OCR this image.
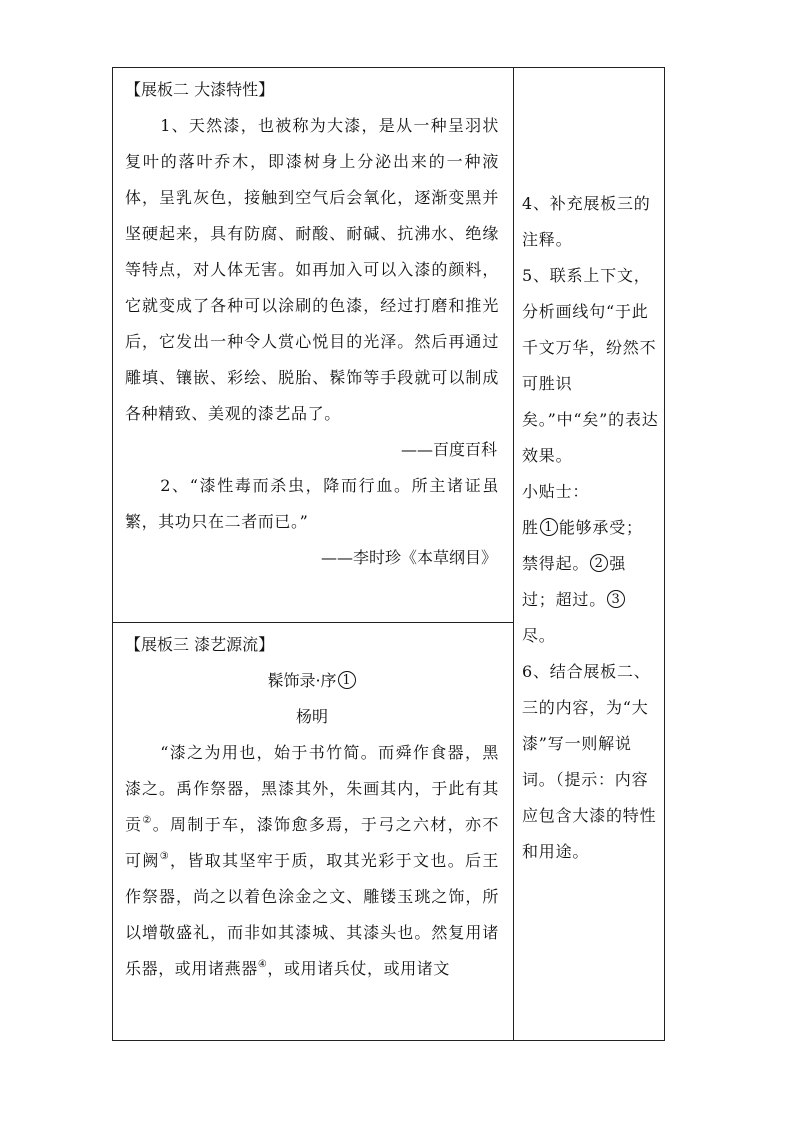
【展板二 大漆特性】

1、天然漆，也被称为大漆，是从一种呈羽状复叶的落叶乔木，即漆树身上分泌出来的一种液体，呈乳灰色，接触到空气后会氧化，逐渐变黑并坚硬起来，具有防腐、耐酸、耐碱、抗沸水、绝缘等特点，对人体无害。如再加入可以入漆的颜料，它就变成了各种可以涂刷的色漆，经过打磨和推光后，它发出一种令人赏心悦目的光泽。然后再通过雕填、镶嵌、彩绘、脱胎、髹饰等手段就可以制成各种精致、美观的漆艺品了。

——百度百科

2、“漆性毒而杀虫，降而行血。所主诸证虽繁，其功只在二者而已。”

——李时珍《本草纲目》
【展板三 漆艺源流】
髹饰录·序 1
杨明

“漆之为用也，始于书竹简。而舜作食器，黑漆之。禹作祭器，黑漆其外，朱画其内，于此有其贡②。周制于车，漆饰愈多焉，于弓之六材，亦不可阙③，皆取其坚牢于质，取其光彩于文也。后王作祭器，尚之以着色涂金之文、雕镂玉珧之饰，所以增敬盛礼，而非如其漆城、其漆头也。然复用诸乐器，或用诸燕器④，或用诸兵仗，或用诸文

4、补充展板三的注释。

5、联系上下文，分析画线句“于此千文万华，纷然不可胜识矣。”中“矣”的表达效果。

小贴士：

胜 1 能够承受；禁得起。 2 强过；超过。 3尽。

6、结合展板二、三的内容，为“大漆”写一则解说词。（提示：内容应包含大漆的特性和用途。
